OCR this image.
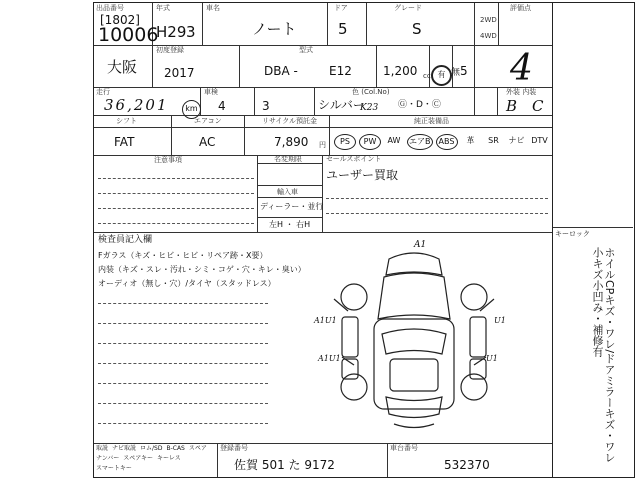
出品番号
[1802]
10006
年式
H29 3
車名
ノート
ドア
5
グレード
S	2WD
4WD
評価点
4
大阪
初度登録
2017
型式
DBA -	E12	1,200 cc 有 無 5
走行
36,201	km
車検
4	3
色 (Col.No)
シルバー
K23 Ⓖ・D・Ⓒ
外装 内装
B C
シフト
FAT
エアコン
AC
リサイクル預託金
7,890 円
純正装備品
PS	PW	AW	エアB	ABS	革	SR	ナビ DTV
注意事項	名変期限
輸入車
ディーラー・並行
左H ・ 右H
セールスポイント
ユーザー買取
検査員記入欄
Fガラス（キズ・ヒビ・ヒビ・リペア跡・X要）
内装（キズ・スレ・汚れ・シミ・コゲ・穴・キレ・臭い）
オーディオ（無し・穴）/タイヤ（スタッドレス）
A1
A1U1	U1
A1U1	U1
取説 ナビ取説 ロム/SD B-CAS スペア
ナンバー スペアキー キーレス
スマートキー
登録番号
佐賀 501 た 9172
車台番号
532370
キーロック
ホイルCPキズ・ワレ/ドアミラーキズ・ワレ小キズ小凹み・補修有
